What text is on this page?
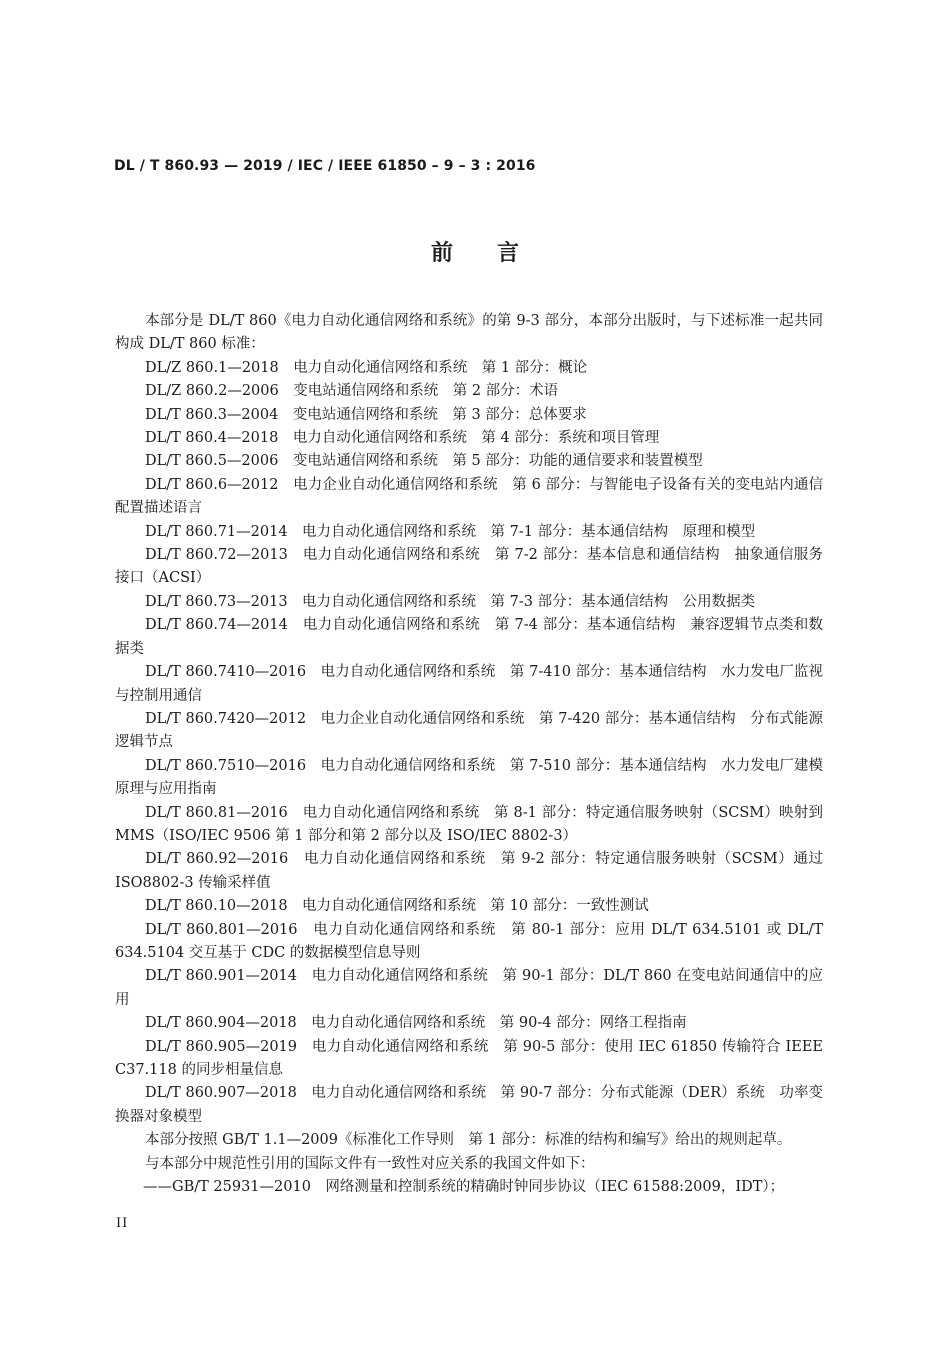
DL / T 860.93 — 2019 / IEC / IEEE 61850 – 9 – 3 : 2016
前　　言

本部分是 DL/T 860《电力自动化通信网络和系统》的第 9-3 部分，本部分出版时，与下述标准一起共同构成 DL/T 860 标准：

DL/Z 860.1—2018　电力自动化通信网络和系统　第 1 部分：概论

DL/Z 860.2—2006　变电站通信网络和系统　第 2 部分：术语

DL/T 860.3—2004　变电站通信网络和系统　第 3 部分：总体要求

DL/T 860.4—2018　电力自动化通信网络和系统　第 4 部分：系统和项目管理

DL/T 860.5—2006　变电站通信网络和系统　第 5 部分：功能的通信要求和装置模型

DL/T 860.6—2012　电力企业自动化通信网络和系统　第 6 部分：与智能电子设备有关的变电站内通信配置描述语言

DL/T 860.71—2014　电力自动化通信网络和系统　第 7-1 部分：基本通信结构　原理和模型

DL/T 860.72—2013　电力自动化通信网络和系统　第 7-2 部分：基本信息和通信结构　抽象通信服务接口（ACSI）

DL/T 860.73—2013　电力自动化通信网络和系统　第 7-3 部分：基本通信结构　公用数据类

DL/T 860.74—2014　电力自动化通信网络和系统　第 7-4 部分：基本通信结构　兼容逻辑节点类和数据类

DL/T 860.7410—2016　电力自动化通信网络和系统　第 7-410 部分：基本通信结构　水力发电厂监视与控制用通信

DL/T 860.7420—2012　电力企业自动化通信网络和系统　第 7-420 部分：基本通信结构　分布式能源逻辑节点

DL/T 860.7510—2016　电力自动化通信网络和系统　第 7-510 部分：基本通信结构　水力发电厂建模原理与应用指南

DL/T 860.81—2016　电力自动化通信网络和系统　第 8-1 部分：特定通信服务映射（SCSM）映射到 MMS（ISO/IEC 9506 第 1 部分和第 2 部分以及 ISO/IEC 8802-3）

DL/T 860.92—2016　电力自动化通信网络和系统　第 9-2 部分：特定通信服务映射（SCSM）通过 ISO8802-3 传输采样值

DL/T 860.10—2018　电力自动化通信网络和系统　第 10 部分：一致性测试

DL/T 860.801—2016　电力自动化通信网络和系统　第 80-1 部分：应用 DL/T 634.5101 或 DL/T 634.5104 交互基于 CDC 的数据模型信息导则

DL/T 860.901—2014　电力自动化通信网络和系统　第 90-1 部分：DL/T 860 在变电站间通信中的应用

DL/T 860.904—2018　电力自动化通信网络和系统　第 90-4 部分：网络工程指南

DL/T 860.905—2019　电力自动化通信网络和系统　第 90-5 部分：使用 IEC 61850 传输符合 IEEE C37.118 的同步相量信息

DL/T 860.907—2018　电力自动化通信网络和系统　第 90-7 部分：分布式能源（DER）系统　功率变换器对象模型

本部分按照 GB/T 1.1—2009《标准化工作导则　第 1 部分：标准的结构和编写》给出的规则起草。

与本部分中规范性引用的国际文件有一致性对应关系的我国文件如下：

——GB/T 25931—2010　网络测量和控制系统的精确时钟同步协议（IEC 61588:2009，IDT）；

II
